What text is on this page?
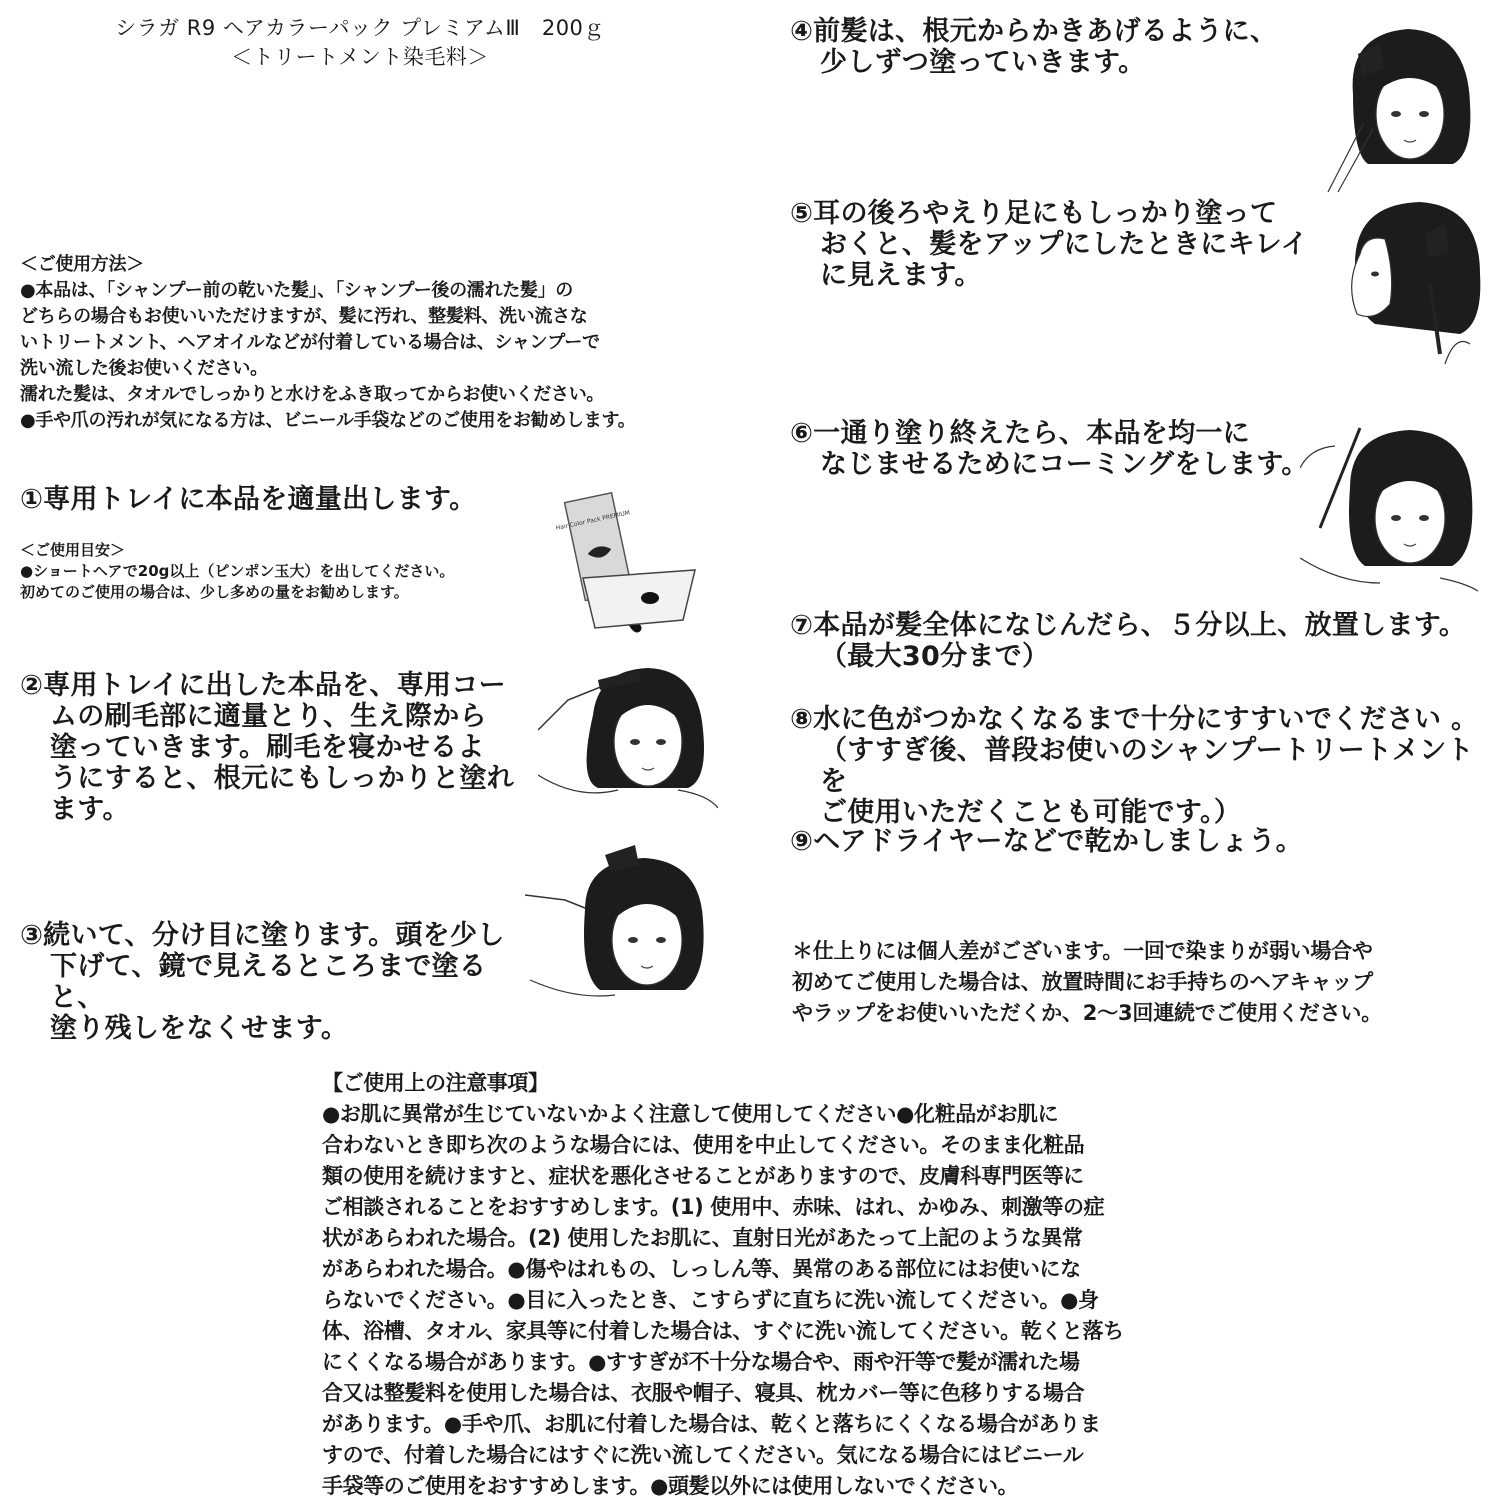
シラガ R9 ヘアカラーパック プレミアムⅢ　200ｇ

＜トリートメント染毛料＞

＜ご使用方法＞

●本品は、「シャンプー前の乾いた髪」、「シャンプー後の濡れた髪」の

どちらの場合もお使いいただけますが、髪に汚れ、整髪料、洗い流さな

いトリートメント、ヘアオイルなどが付着している場合は、シャンプーで

洗い流した後お使いください。

濡れた髪は、タオルでしっかりと水けをふき取ってからお使いください。

●手や爪の汚れが気になる方は、ビニール手袋などのご使用をお勧めします。

①専用トレイに本品を適量出します。

＜ご使用目安＞

●ショートヘアで20g以上（ピンポン玉大）を出してください。

初めてのご使用の場合は、少し多めの量をお勧めします。

Hair Color Pack PREMIUM

②専用トレイに出した本品を、専用コー

ムの刷毛部に適量とり、生え際から

塗っていきます。刷毛を寝かせるよ

うにすると、根元にもしっかりと塗れ

ます。

③続いて、分け目に塗ります。頭を少し

下げて、鏡で見えるところまで塗ると、

塗り残しをなくせます。

④前髪は、根元からかきあげるように、

少しずつ塗っていきます。

⑤耳の後ろやえり足にもしっかり塗って

おくと、髪をアップにしたときにキレイ

に見えます。

⑥一通り塗り終えたら、本品を均一に

なじませるためにコーミングをします。

⑦本品が髪全体になじんだら、５分以上、放置します。

（最大30分まで）

⑧水に色がつかなくなるまで十分にすすいでください 。

（すすぎ後、普段お使いのシャンプートリートメントを

ご使用いただくことも可能です。）

⑨ヘアドライヤーなどで乾かしましょう。

＊仕上りには個人差がございます。一回で染まりが弱い場合や

初めてご使用した場合は、放置時間にお手持ちのヘアキャップ

やラップをお使いいただくか、2～3回連続でご使用ください。

【ご使用上の注意事項】

●お肌に異常が生じていないかよく注意して使用してください●化粧品がお肌に

合わないとき即ち次のような場合には、使用を中止してください。そのまま化粧品

類の使用を続けますと、症状を悪化させることがありますので、皮膚科専門医等に

ご相談されることをおすすめします。(1) 使用中、赤味、はれ、かゆみ、刺激等の症

状があらわれた場合。(2) 使用したお肌に、直射日光があたって上記のような異常

があらわれた場合。●傷やはれもの、しっしん等、異常のある部位にはお使いにな

らないでください。●目に入ったとき、こすらずに直ちに洗い流してください。●身

体、浴槽、タオル、家具等に付着した場合は、すぐに洗い流してください。乾くと落ち

にくくなる場合があります。●すすぎが不十分な場合や、雨や汗等で髪が濡れた場

合又は整髪料を使用した場合は、衣服や帽子、寝具、枕カバー等に色移りする場合

があります。●手や爪、お肌に付着した場合は、乾くと落ちにくくなる場合がありま

すので、付着した場合にはすぐに洗い流してください。気になる場合にはビニール

手袋等のご使用をおすすめします。●頭髪以外には使用しないでください。
